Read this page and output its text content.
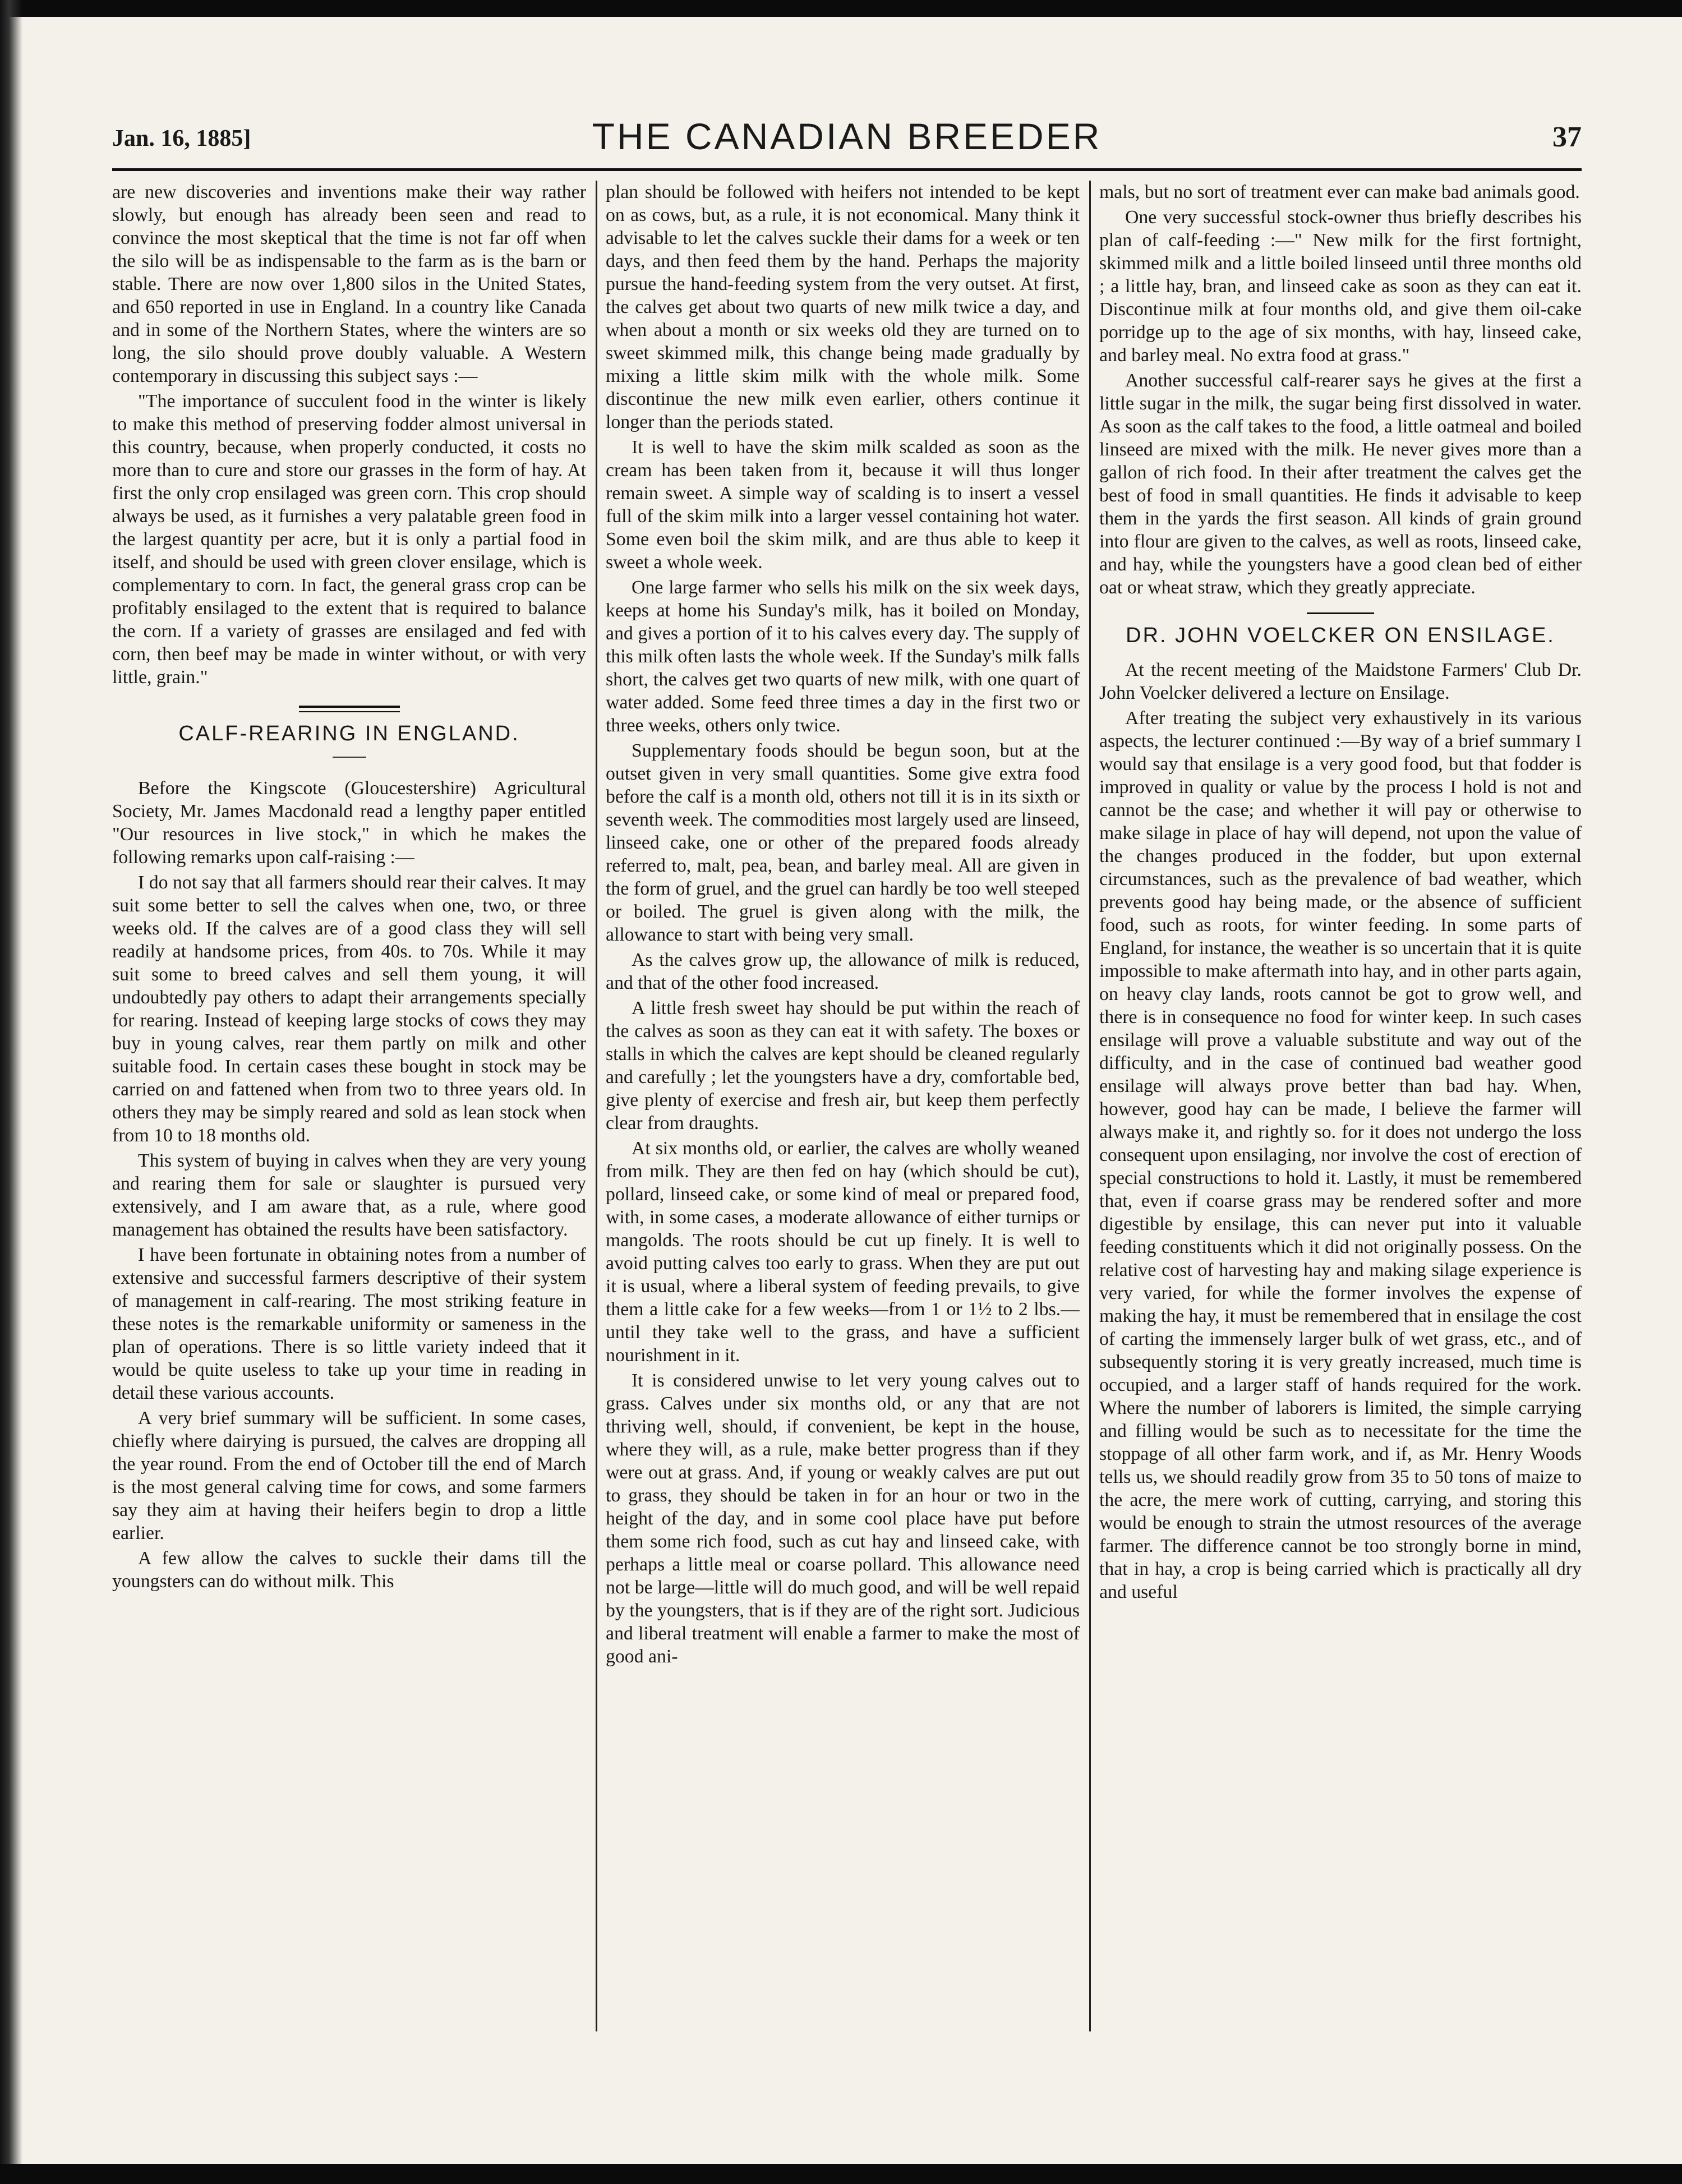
Jan. 16, 1885]	THE CANADIAN BREEDER	37

are new discoveries and inventions make their way rather slowly, but enough has already been seen and read to convince the most skeptical that the time is not far off when the silo will be as indispensable to the farm as is the barn or stable. There are now over 1,800 silos in the United States, and 650 reported in use in England. In a country like Canada and in some of the Northern States, where the winters are so long, the silo should prove doubly valuable. A Western contemporary in discussing this subject says :—

"The importance of succulent food in the winter is likely to make this method of preserving fodder almost universal in this country, because, when properly conducted, it costs no more than to cure and store our grasses in the form of hay. At first the only crop ensilaged was green corn. This crop should always be used, as it furnishes a very palatable green food in the largest quantity per acre, but it is only a partial food in itself, and should be used with green clover ensilage, which is complementary to corn. In fact, the general grass crop can be profitably ensilaged to the extent that is required to balance the corn. If a variety of grasses are ensilaged and fed with corn, then beef may be made in winter without, or with very little, grain."

CALF-REARING IN ENGLAND.

Before the Kingscote (Gloucestershire) Agricultural Society, Mr. James Macdonald read a lengthy paper entitled "Our resources in live stock," in which he makes the following remarks upon calf-raising :—

I do not say that all farmers should rear their calves. It may suit some better to sell the calves when one, two, or three weeks old. If the calves are of a good class they will sell readily at handsome prices, from 40s. to 70s. While it may suit some to breed calves and sell them young, it will undoubtedly pay others to adapt their arrangements specially for rearing. Instead of keeping large stocks of cows they may buy in young calves, rear them partly on milk and other suitable food. In certain cases these bought in stock may be carried on and fattened when from two to three years old. In others they may be simply reared and sold as lean stock when from 10 to 18 months old.

This system of buying in calves when they are very young and rearing them for sale or slaughter is pursued very extensively, and I am aware that, as a rule, where good management has obtained the results have been satisfactory.

I have been fortunate in obtaining notes from a number of extensive and successful farmers descriptive of their system of management in calf-rearing. The most striking feature in these notes is the remarkable uniformity or sameness in the plan of operations. There is so little variety indeed that it would be quite useless to take up your time in reading in detail these various accounts.

A very brief summary will be sufficient. In some cases, chiefly where dairying is pursued, the calves are dropping all the year round. From the end of October till the end of March is the most general calving time for cows, and some farmers say they aim at having their heifers begin to drop a little earlier.

A few allow the calves to suckle their dams till the youngsters can do without milk. This

plan should be followed with heifers not intended to be kept on as cows, but, as a rule, it is not economical. Many think it advisable to let the calves suckle their dams for a week or ten days, and then feed them by the hand. Perhaps the majority pursue the hand-feeding system from the very outset. At first, the calves get about two quarts of new milk twice a day, and when about a month or six weeks old they are turned on to sweet skimmed milk, this change being made gradually by mixing a little skim milk with the whole milk. Some discontinue the new milk even earlier, others continue it longer than the periods stated.

It is well to have the skim milk scalded as soon as the cream has been taken from it, because it will thus longer remain sweet. A simple way of scalding is to insert a vessel full of the skim milk into a larger vessel containing hot water. Some even boil the skim milk, and are thus able to keep it sweet a whole week.

One large farmer who sells his milk on the six week days, keeps at home his Sunday's milk, has it boiled on Monday, and gives a portion of it to his calves every day. The supply of this milk often lasts the whole week. If the Sunday's milk falls short, the calves get two quarts of new milk, with one quart of water added. Some feed three times a day in the first two or three weeks, others only twice.

Supplementary foods should be begun soon, but at the outset given in very small quantities. Some give extra food before the calf is a month old, others not till it is in its sixth or seventh week. The commodities most largely used are linseed, linseed cake, one or other of the prepared foods already referred to, malt, pea, bean, and barley meal. All are given in the form of gruel, and the gruel can hardly be too well steeped or boiled. The gruel is given along with the milk, the allowance to start with being very small.

As the calves grow up, the allowance of milk is reduced, and that of the other food increased.

A little fresh sweet hay should be put within the reach of the calves as soon as they can eat it with safety. The boxes or stalls in which the calves are kept should be cleaned regularly and carefully ; let the youngsters have a dry, comfortable bed, give plenty of exercise and fresh air, but keep them perfectly clear from draughts.

At six months old, or earlier, the calves are wholly weaned from milk. They are then fed on hay (which should be cut), pollard, linseed cake, or some kind of meal or prepared food, with, in some cases, a moderate allowance of either turnips or mangolds. The roots should be cut up finely. It is well to avoid putting calves too early to grass. When they are put out it is usual, where a liberal system of feeding prevails, to give them a little cake for a few weeks—from 1 or 1½ to 2 lbs.—until they take well to the grass, and have a sufficient nourishment in it.

It is considered unwise to let very young calves out to grass. Calves under six months old, or any that are not thriving well, should, if convenient, be kept in the house, where they will, as a rule, make better progress than if they were out at grass. And, if young or weakly calves are put out to grass, they should be taken in for an hour or two in the height of the day, and in some cool place have put before them some rich food, such as cut hay and linseed cake, with perhaps a little meal or coarse pollard. This allowance need not be large—little will do much good, and will be well repaid by the youngsters, that is if they are of the right sort. Judicious and liberal treatment will enable a farmer to make the most of good ani-

mals, but no sort of treatment ever can make bad animals good.

One very successful stock-owner thus briefly describes his plan of calf-feeding :—" New milk for the first fortnight, skimmed milk and a little boiled linseed until three months old ; a little hay, bran, and linseed cake as soon as they can eat it. Discontinue milk at four months old, and give them oil-cake porridge up to the age of six months, with hay, linseed cake, and barley meal. No extra food at grass."

Another successful calf-rearer says he gives at the first a little sugar in the milk, the sugar being first dissolved in water. As soon as the calf takes to the food, a little oatmeal and boiled linseed are mixed with the milk. He never gives more than a gallon of rich food. In their after treatment the calves get the best of food in small quantities. He finds it advisable to keep them in the yards the first season. All kinds of grain ground into flour are given to the calves, as well as roots, linseed cake, and hay, while the youngsters have a good clean bed of either oat or wheat straw, which they greatly appreciate.

DR. JOHN VOELCKER ON ENSILAGE.

At the recent meeting of the Maidstone Farmers' Club Dr. John Voelcker delivered a lecture on Ensilage.

After treating the subject very exhaustively in its various aspects, the lecturer continued :—By way of a brief summary I would say that ensilage is a very good food, but that fodder is improved in quality or value by the process I hold is not and cannot be the case; and whether it will pay or otherwise to make silage in place of hay will depend, not upon the value of the changes produced in the fodder, but upon external circumstances, such as the prevalence of bad weather, which prevents good hay being made, or the absence of sufficient food, such as roots, for winter feeding. In some parts of England, for instance, the weather is so uncertain that it is quite impossible to make aftermath into hay, and in other parts again, on heavy clay lands, roots cannot be got to grow well, and there is in consequence no food for winter keep. In such cases ensilage will prove a valuable substitute and way out of the difficulty, and in the case of continued bad weather good ensilage will always prove better than bad hay. When, however, good hay can be made, I believe the farmer will always make it, and rightly so. for it does not undergo the loss consequent upon ensilaging, nor involve the cost of erection of special constructions to hold it. Lastly, it must be remembered that, even if coarse grass may be rendered softer and more digestible by ensilage, this can never put into it valuable feeding constituents which it did not originally possess. On the relative cost of harvesting hay and making silage experience is very varied, for while the former involves the expense of making the hay, it must be remembered that in ensilage the cost of carting the immensely larger bulk of wet grass, etc., and of subsequently storing it is very greatly increased, much time is occupied, and a larger staff of hands required for the work. Where the number of laborers is limited, the simple carrying and filling would be such as to necessitate for the time the stoppage of all other farm work, and if, as Mr. Henry Woods tells us, we should readily grow from 35 to 50 tons of maize to the acre, the mere work of cutting, carrying, and storing this would be enough to strain the utmost resources of the average farmer. The difference cannot be too strongly borne in mind, that in hay, a crop is being carried which is practically all dry and useful
